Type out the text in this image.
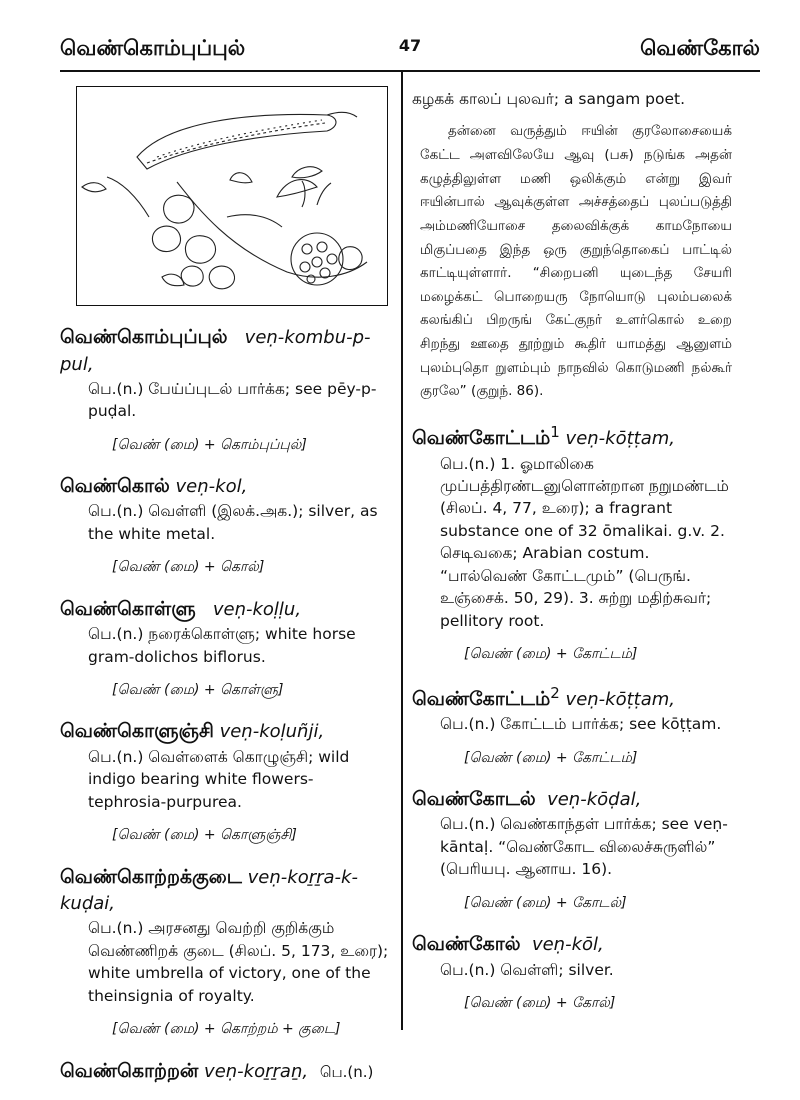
வெண்கொம்புப்புல்	47	வெண்கோல்
வெண்கொம்புப்புல் veṇ-kombu-p-pul,
பெ.(n.) பேய்ப்புடல் பார்க்க; see pēy-p-puḍal.
[வெண் (மை) + கொம்புப்புல்]
வெண்கொல் veṇ-kol,
பெ.(n.) வெள்ளி (இலக்.அக.); silver, as the white metal.
[வெண் (மை) + கொல்]
வெண்கொள்ளு veṇ-koḷḷu,
பெ.(n.) நரைக்கொள்ளு; white horse gram-dolichos biflorus.
[வெண் (மை) + கொள்ளு]
வெண்கொளுஞ்சி veṇ-koḷuñji,
பெ.(n.) வெள்ளைக் கொழுஞ்சி; wild indigo bearing white flowers-tephrosia-purpurea.
[வெண் (மை) + கொளுஞ்சி]
வெண்கொற்றக்குடை veṇ-koṟṟa-k-kuḍai,
பெ.(n.) அரசனது வெற்றி குறிக்கும் வெண்ணிறக் குடை (சிலப். 5, 173, உரை); white umbrella of victory, one of the theinsignia of royalty.
[வெண் (மை) + கொற்றம் + குடை]
வெண்கொற்றன் veṇ-koṟṟaṉ, பெ.(n.)
கழகக் காலப் புலவர்; a sangam poet.
தன்னை வருத்தும் ஈயின் குரலோசையைக் கேட்ட அளவிலேயே ஆவு (பசு) நடுங்க அதன் கழுத்திலுள்ள மணி ஒலிக்கும் என்று இவர் ஈயின்பால் ஆவுக்குள்ள அச்சத்தைப் புலப்படுத்தி அம்மணியோசை தலைவிக்குக் காமநோயை மிகுப்பதை இந்த ஒரு குறுந்தொகைப் பாட்டில் காட்டியுள்ளார். “சிறைபனி யுடைந்த சேயரி மழைக்கட் பொறையரு நோயொடு புலம்பலைக் கலங்கிப் பிறருங் கேட்குநர் உளர்கொல் உறை சிறந்து ஊதை தூற்றும் கூதிர் யாமத்து ஆனுளம் புலம்புதொ றுளம்பும் நாநவில் கொடுமணி நல்கூர் குரலே” (குறுந். 86).
வெண்கோட்டம்$^1$ veṇ-kōṭṭam,
பெ.(n.) 1. ஓமாலிகை முப்பத்திரண்டனுளொன்றான நறுமண்டம் (சிலப். 4, 77, உரை); a fragrant substance one of 32 ōmalikai. g.v. 2. செடிவகை; Arabian costum. “பால்வெண் கோட்டமும்” (பெருங். உஞ்சைக். 50, 29). 3. சுற்று மதிற்சுவர்; pellitory root.
[வெண் (மை) + கோட்டம்]
வெண்கோட்டம்$^2$ veṇ-kōṭṭam,
பெ.(n.) கோட்டம் பார்க்க; see kōṭṭam.
[வெண் (மை) + கோட்டம்]
வெண்கோடல் veṇ-kōḍal,
பெ.(n.) வெண்காந்தள் பார்க்க; see veṇ-kāntaḷ. “வெண்கோட விலைச்சுருளில்” (பெரியபு. ஆனாய. 16).
[வெண் (மை) + கோடல்]
வெண்கோல் veṇ-kōl,
பெ.(n.) வெள்ளி; silver.
[வெண் (மை) + கோல்]
